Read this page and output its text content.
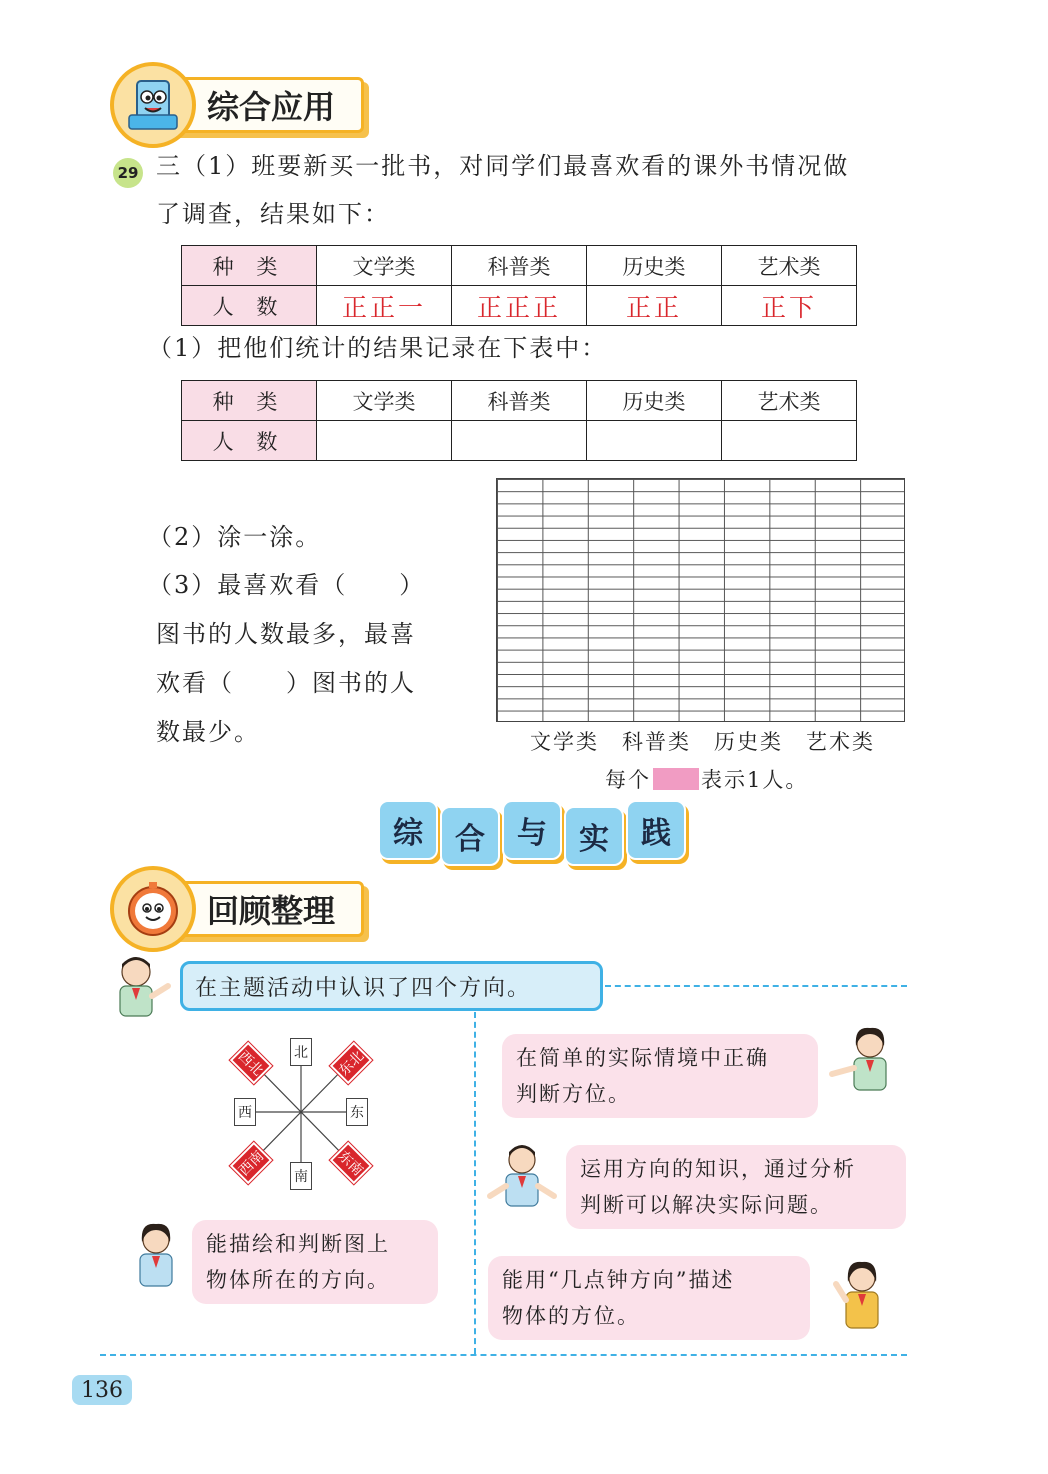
综合应用
29 三（1）班要新买一批书，对同学们最喜欢看的课外书情况做
了调查，结果如下：
种 类	文学类	科普类	历史类	艺术类
人 数	正正一	正正正	正正	正下
（1）把他们统计的结果记录在下表中：
种 类	文学类	科普类	历史类	艺术类
人 数				
（2）涂一涂。
（3）最喜欢看（　　）
图书的人数最多，最喜
欢看（　　）图书的人
数最少。	文学类 科普类 历史类 艺术类
每个 表示1人。
综	合	与	实	践
回顾整理
在主题活动中认识了四个方向。
北
南
东
西
西北	东北
西南	东南
能描绘和判断图上
物体所在的方向。
在简单的实际情境中正确
判断方位。
运用方向的知识，通过分析
判断可以解决实际问题。
能用“几点钟方向”描述
物体的方位。
136
